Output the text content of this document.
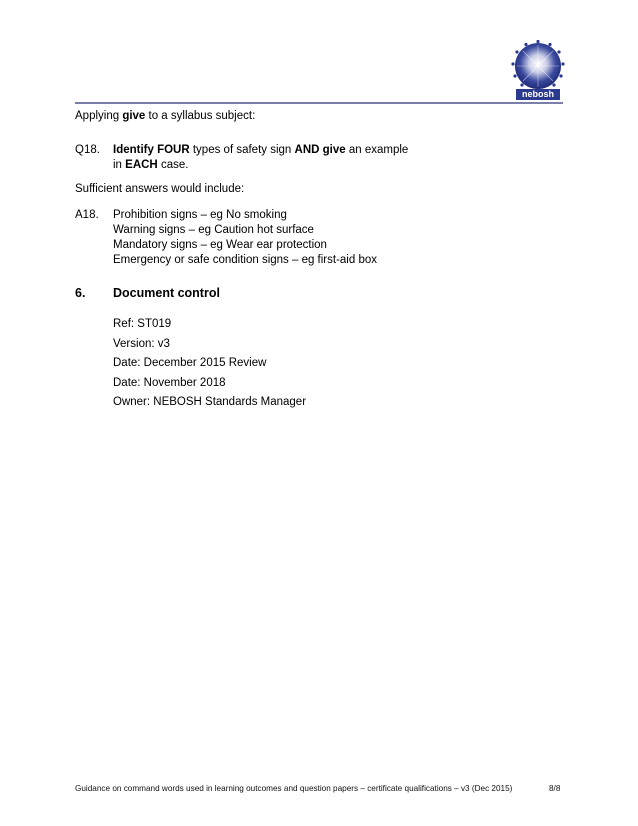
nebosh
Applying give to a syllabus subject:
Q18. Identify FOUR types of safety sign AND give an example
in EACH case.
Sufficient answers would include:
A18. Prohibition signs – eg No smoking
Warning signs – eg Caution hot surface
Mandatory signs – eg Wear ear protection
Emergency or safe condition signs – eg first-aid box
6. Document control
Ref: ST019
Version: v3
Date: December 2015 Review
Date: November 2018
Owner: NEBOSH Standards Manager
Guidance on command words used in learning outcomes and question papers – certificate qualifications – v3 (Dec 2015)	8/8
